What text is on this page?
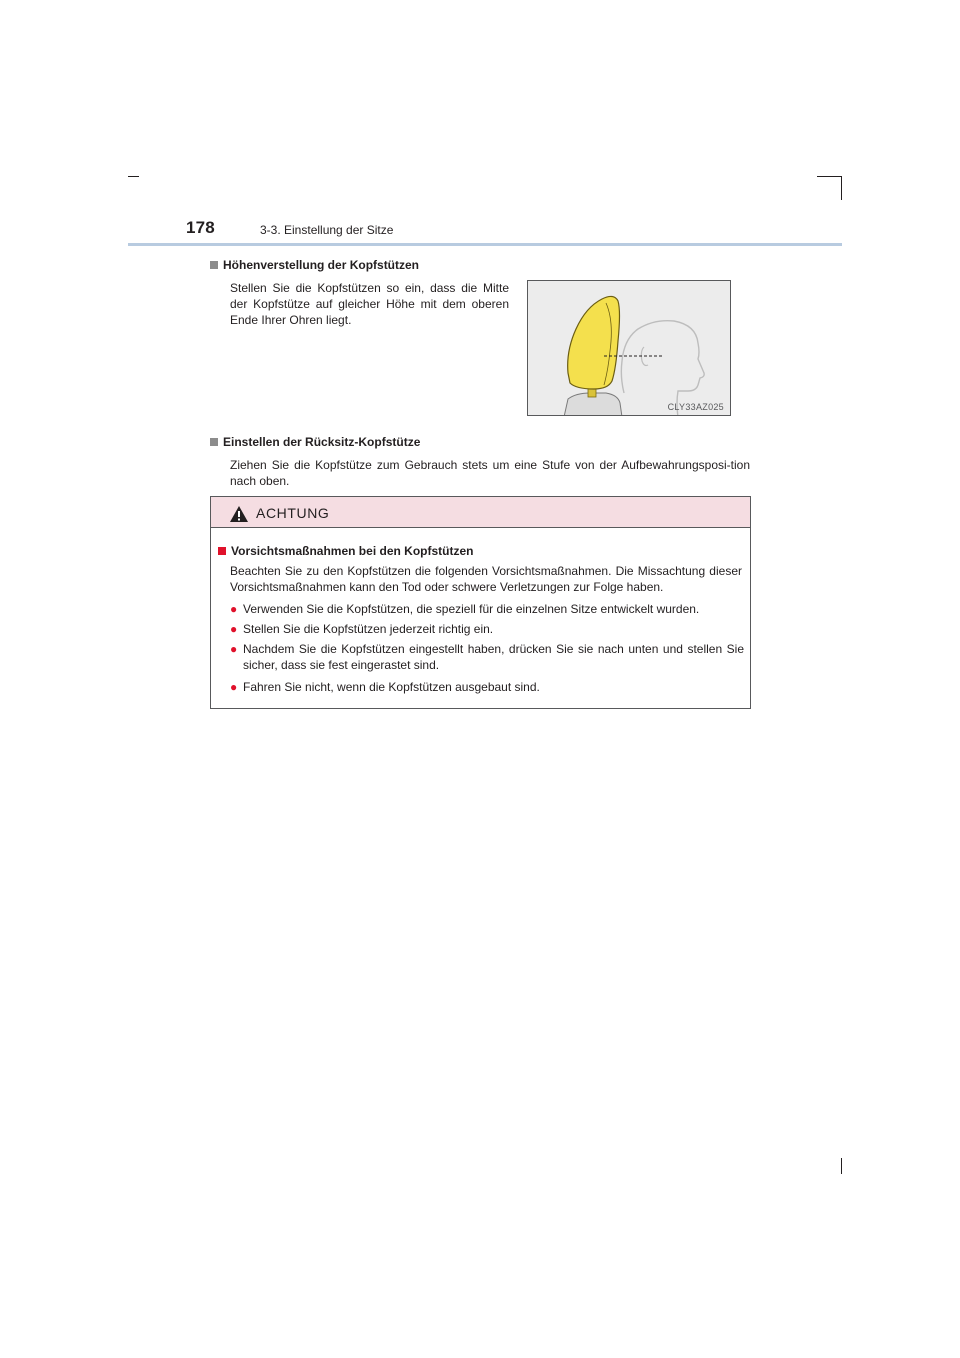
178	3-3. Einstellung der Sitze
Höhenverstellung der Kopfstützen
Stellen Sie die Kopfstützen so ein, dass die Mitte der Kopfstütze auf gleicher Höhe mit dem oberen Ende Ihrer Ohren liegt.
CLY33AZ025
Einstellen der Rücksitz-Kopfstütze
Ziehen Sie die Kopfstütze zum Gebrauch stets um eine Stufe von der Aufbewahrungsposi-tion nach oben.
ACHTUNG
Vorsichtsmaßnahmen bei den Kopfstützen
Beachten Sie zu den Kopfstützen die folgenden Vorsichtsmaßnahmen. Die Missachtung dieser Vorsichtsmaßnahmen kann den Tod oder schwere Verletzungen zur Folge haben.
● Verwenden Sie die Kopfstützen, die speziell für die einzelnen Sitze entwickelt wurden.
● Stellen Sie die Kopfstützen jederzeit richtig ein.
● Nachdem Sie die Kopfstützen eingestellt haben, drücken Sie sie nach unten und stellen Sie sicher, dass sie fest eingerastet sind.
● Fahren Sie nicht, wenn die Kopfstützen ausgebaut sind.
